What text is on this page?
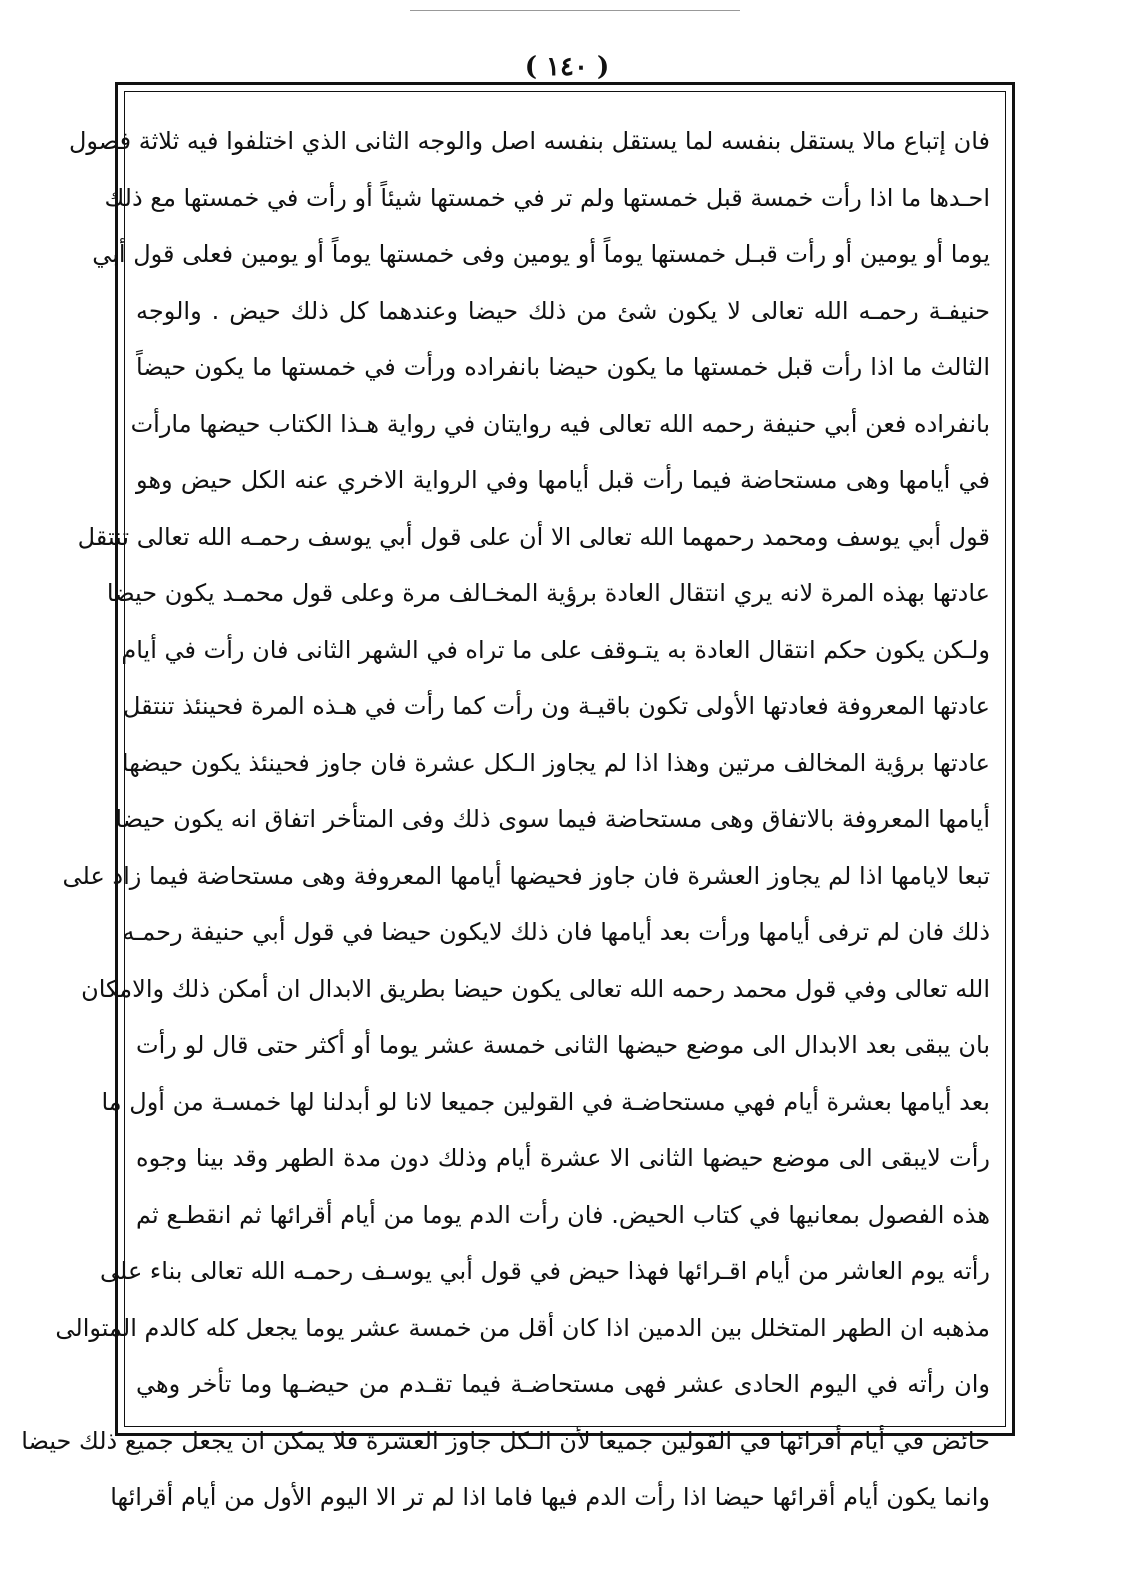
( ١٤٠ )
فان إتباع مالا يستقل بنفسه لما يستقل بنفسه اصل والوجه الثانى الذي اختلفوا فيه ثلاثة فصول
احـدها ما اذا رأت خمسة قبل خمستها ولم تر في خمستها شيئاً أو رأت في خمستها مع ذلك
يوما أو يومين أو رأت قبـل خمستها يوماً أو يومين وفى خمستها يوماً أو يومين فعلى قول أبي
حنيفـة رحمـه الله تعالى لا يكون شئ من ذلك حيضا وعندهما كل ذلك حيض . والوجه
الثالث ما اذا رأت قبل خمستها ما يكون حيضا بانفراده ورأت في خمستها ما يكون حيضاً
بانفراده فعن أبي حنيفة رحمه الله تعالى فيه روايتان في رواية هـذا الكتاب حيضها مارأت
في أيامها وهى مستحاضة فيما رأت قبل أيامها وفي الرواية الاخري عنه الكل حيض وهو
قول أبي يوسف ومحمد رحمهما الله تعالى الا أن على قول أبي يوسف رحمـه الله تعالى تنتقل
عادتها بهذه المرة لانه يري انتقال العادة برؤية المخـالف مرة وعلى قول محمـد يكون حيضا
ولـكن يكون حكم انتقال العادة به يتـوقف على ما تراه في الشهر الثانى فان رأت في أيام
عادتها المعروفة فعادتها الأولى تكون باقيـة ون رأت كما رأت في هـذه المرة فحينئذ تنتقل
عادتها برؤية المخالف مرتين وهذا اذا لم يجاوز الـكل عشرة فان جاوز فحينئذ يكون حيضها
أيامها المعروفة بالاتفاق وهى مستحاضة فيما سوى ذلك وفى المتأخر اتفاق انه يكون حيضا
تبعا لايامها اذا لم يجاوز العشرة فان جاوز فحيضها أيامها المعروفة وهى مستحاضة فيما زاد على
ذلك فان لم ترفى أيامها ورأت بعد أيامها فان ذلك لايكون حيضا في قول أبي حنيفة رحمـه
الله تعالى وفي قول محمد رحمه الله تعالى يكون حيضا بطريق الابدال ان أمكن ذلك والامكان
بان يبقى بعد الابدال الى موضع حيضها الثانى خمسة عشر يوما أو أكثر حتى قال لو رأت
بعد أيامها بعشرة أيام فهي مستحاضـة في القولين جميعا لانا لو أبدلنا لها خمسـة من أول ما
رأت لايبقى الى موضع حيضها الثانى الا عشرة أيام وذلك دون مدة الطهر وقد بينا وجوه
هذه الفصول بمعانيها في كتاب الحيض. فان رأت الدم يوما من أيام أقرائها ثم انقطـع ثم
رأته يوم العاشر من أيام اقـرائها فهذا حيض في قول أبي يوسـف رحمـه الله تعالى بناء على
مذهبه ان الطهر المتخلل بين الدمين اذا كان أقل من خمسة عشر يوما يجعل كله كالدم المتوالى
وان رأته في اليوم الحادى عشر فهى مستحاضـة فيما تقـدم من حيضـها وما تأخر وهي
حائض في أيام أقرائها في القولين جميعا لأن الـكل جاوز العشرة فلا يمكن ان يجعل جميع ذلك حيضا
وانما يكون أيام أقرائها حيضا اذا رأت الدم فيها فاما اذا لم تر الا اليوم الأول من أيام أقرائها
